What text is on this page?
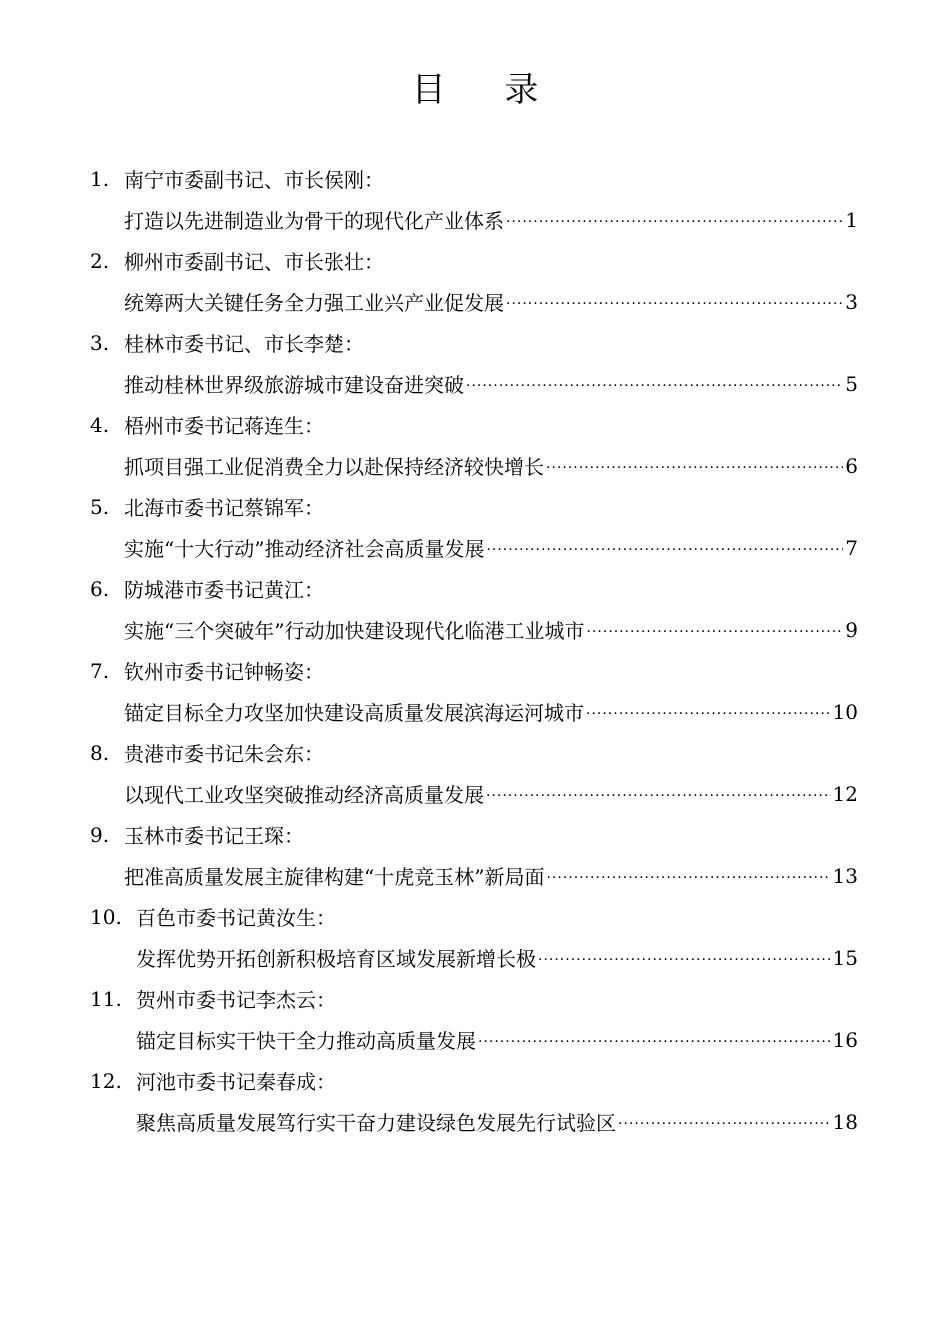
目 录
1. 南宁市委副书记、市长侯刚：
打造以先进制造业为骨干的现代化产业体系 ·····	1
2. 柳州市委副书记、市长张壮：
统筹两大关键任务全力强工业兴产业促发展 ·····	3
3. 桂林市委书记、市长李楚：
推动桂林世界级旅游城市建设奋进突破 ·····	5
4. 梧州市委书记蒋连生：
抓项目强工业促消费全力以赴保持经济较快增长 ·····	6
5. 北海市委书记蔡锦军：
实施“十大行动”推动经济社会高质量发展 ·····	7
6. 防城港市委书记黄江：
实施“三个突破年”行动加快建设现代化临港工业城市 ·····	9
7. 钦州市委书记钟畅姿：
锚定目标全力攻坚加快建设高质量发展滨海运河城市 ·····	10
8. 贵港市委书记朱会东：
以现代工业攻坚突破推动经济高质量发展 ·····	12
9. 玉林市委书记王琛：
把准高质量发展主旋律构建“十虎竞玉林”新局面 ·····	13
10. 百色市委书记黄汝生：
发挥优势开拓创新积极培育区域发展新增长极 ·····	15
11. 贺州市委书记李杰云：
锚定目标实干快干全力推动高质量发展 ·····	16
12. 河池市委书记秦春成：
聚焦高质量发展笃行实干奋力建设绿色发展先行试验区 ·····	18
